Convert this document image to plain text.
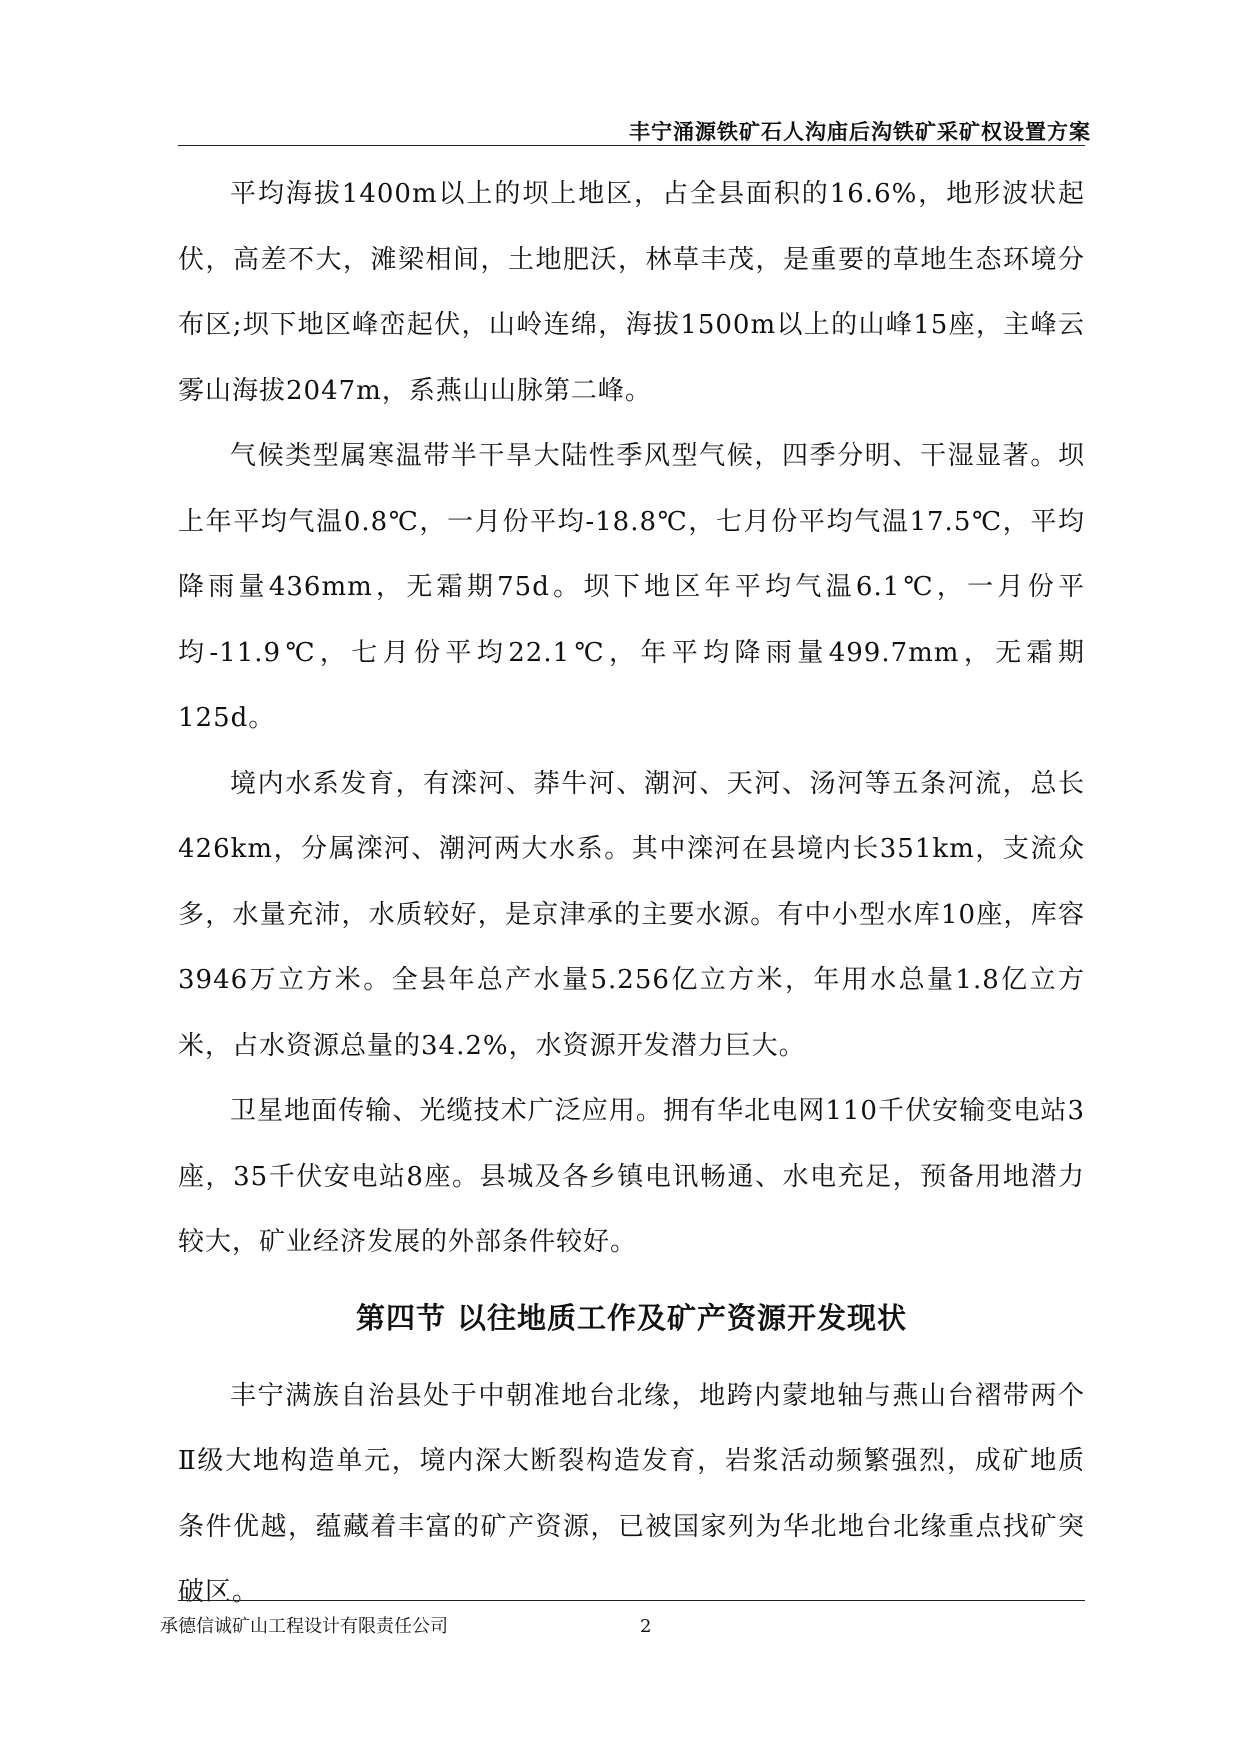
丰宁涌源铁矿石人沟庙后沟铁矿采矿权设置方案

平均海拔1400m以上的坝上地区，占全县面积的16.6%，地形波状起伏，高差不大，滩梁相间，土地肥沃，林草丰茂，是重要的草地生态环境分布区;坝下地区峰峦起伏，山岭连绵，海拔1500m以上的山峰15座，主峰云雾山海拔2047m，系燕山山脉第二峰。

气候类型属寒温带半干旱大陆性季风型气候，四季分明、干湿显著。坝上年平均气温0.8℃，一月份平均-18.8℃，七月份平均气温17.5℃，平均降雨量436mm，无霜期75d。坝下地区年平均气温6.1℃，一月份平均-11.9℃，七月份平均22.1℃，年平均降雨量499.7mm，无霜期125d。

境内水系发育，有滦河、莽牛河、潮河、天河、汤河等五条河流，总长426km，分属滦河、潮河两大水系。其中滦河在县境内长351km，支流众多，水量充沛，水质较好，是京津承的主要水源。有中小型水库10座，库容3946万立方米。全县年总产水量5.256亿立方米，年用水总量1.8亿立方米，占水资源总量的34.2%，水资源开发潜力巨大。

卫星地面传输、光缆技术广泛应用。拥有华北电网110千伏安输变电站3座，35千伏安电站8座。县城及各乡镇电讯畅通、水电充足，预备用地潜力较大，矿业经济发展的外部条件较好。

第四节 以往地质工作及矿产资源开发现状

丰宁满族自治县处于中朝准地台北缘，地跨内蒙地轴与燕山台褶带两个Ⅱ级大地构造单元，境内深大断裂构造发育，岩浆活动频繁强烈，成矿地质条件优越，蕴藏着丰富的矿产资源，已被国家列为华北地台北缘重点找矿突破区。

承德信诚矿山工程设计有限责任公司	2
